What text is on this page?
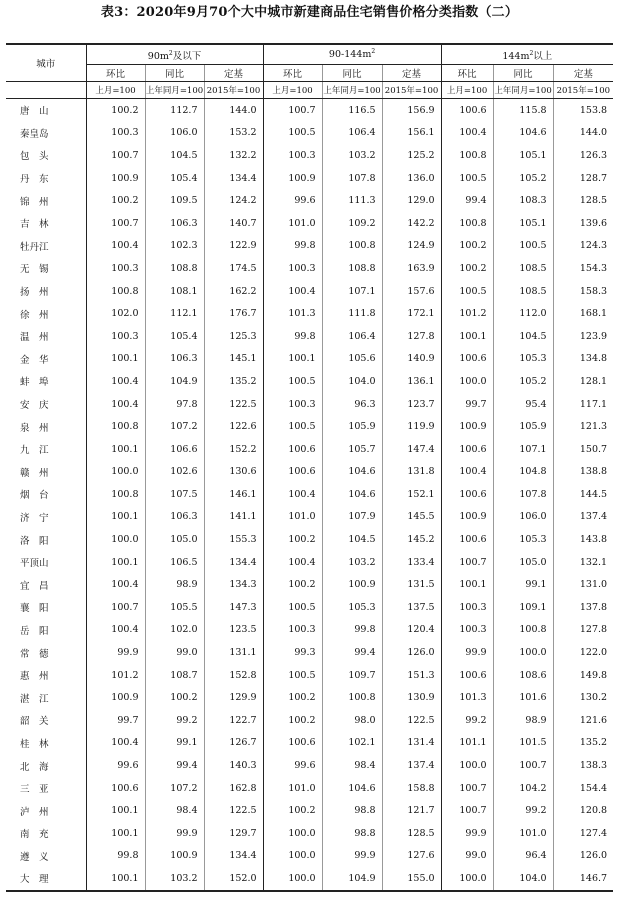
表3：2020年9月70个大中城市新建商品住宅销售价格分类指数（二）
城市	$90m^2$及以下			$90-144m^2$			$144m^2$以上		
	环比	同比	定基	环比	同比	定基	环比	同比	定基
	上月=100	上年同月=100	2015年=100	上月=100	上年同月=100	2015年=100	上月=100	上年同月=100	2015年=100
唐　山	100.2	112.7	144.0	100.7	116.5	156.9	100.6	115.8	153.8
秦皇岛	100.3	106.0	153.2	100.5	106.4	156.1	100.4	104.6	144.0
包　头	100.7	104.5	132.2	100.3	103.2	125.2	100.8	105.1	126.3
丹　东	100.9	105.4	134.4	100.9	107.8	136.0	100.5	105.2	128.7
锦　州	100.2	109.5	124.2	99.6	111.3	129.0	99.4	108.3	128.5
吉　林	100.7	106.3	140.7	101.0	109.2	142.2	100.8	105.1	139.6
牡丹江	100.4	102.3	122.9	99.8	100.8	124.9	100.2	100.5	124.3
无　锡	100.3	108.8	174.5	100.3	108.8	163.9	100.2	108.5	154.3
扬　州	100.8	108.1	162.2	100.4	107.1	157.6	100.5	108.5	158.3
徐　州	102.0	112.1	176.7	101.3	111.8	172.1	101.2	112.0	168.1
温　州	100.3	105.4	125.3	99.8	106.4	127.8	100.1	104.5	123.9
金　华	100.1	106.3	145.1	100.1	105.6	140.9	100.6	105.3	134.8
蚌　埠	100.4	104.9	135.2	100.5	104.0	136.1	100.0	105.2	128.1
安　庆	100.4	97.8	122.5	100.3	96.3	123.7	99.7	95.4	117.1
泉　州	100.8	107.2	122.6	100.5	105.9	119.9	100.9	105.9	121.3
九　江	100.1	106.6	152.2	100.6	105.7	147.4	100.6	107.1	150.7
赣　州	100.0	102.6	130.6	100.6	104.6	131.8	100.4	104.8	138.8
烟　台	100.8	107.5	146.1	100.4	104.6	152.1	100.6	107.8	144.5
济　宁	100.1	106.3	141.1	101.0	107.9	145.5	100.9	106.0	137.4
洛　阳	100.0	105.0	155.3	100.2	104.5	145.2	100.6	105.3	143.8
平顶山	100.1	106.5	134.4	100.4	103.2	133.4	100.7	105.0	132.1
宜　昌	100.4	98.9	134.3	100.2	100.9	131.5	100.1	99.1	131.0
襄　阳	100.7	105.5	147.3	100.5	105.3	137.5	100.3	109.1	137.8
岳　阳	100.4	102.0	123.5	100.3	99.8	120.4	100.3	100.8	127.8
常　德	99.9	99.0	131.1	99.3	99.4	126.0	99.9	100.0	122.0
惠　州	101.2	108.7	152.8	100.5	109.7	151.3	100.6	108.6	149.8
湛　江	100.9	100.2	129.9	100.2	100.8	130.9	101.3	101.6	130.2
韶　关	99.7	99.2	122.7	100.2	98.0	122.5	99.2	98.9	121.6
桂　林	100.4	99.1	126.7	100.6	102.1	131.4	101.1	101.5	135.2
北　海	99.6	99.4	140.3	99.6	98.4	137.4	100.0	100.7	138.3
三　亚	100.6	107.2	162.8	101.0	104.6	158.8	100.7	104.2	154.4
泸　州	100.1	98.4	122.5	100.2	98.8	121.7	100.7	99.2	120.8
南　充	100.1	99.9	129.7	100.0	98.8	128.5	99.9	101.0	127.4
遵　义	99.8	100.9	134.4	100.0	99.9	127.6	99.0	96.4	126.0
大　理	100.1	103.2	152.0	100.0	104.9	155.0	100.0	104.0	146.7
